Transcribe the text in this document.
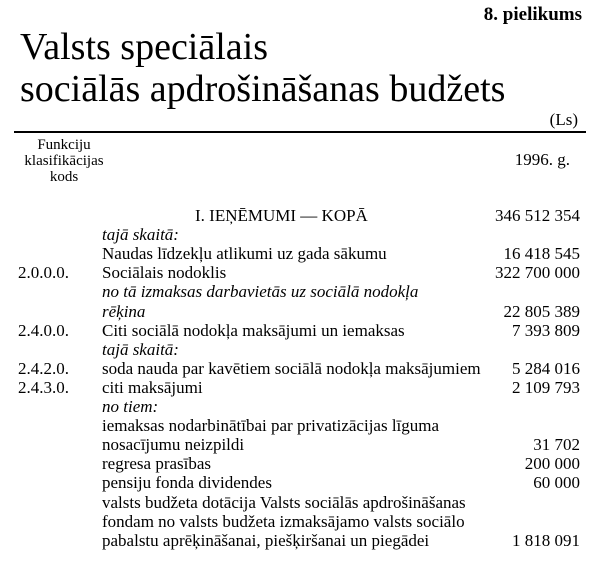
8. pielikums
Valsts speciālais
sociālās apdrošināšanas budžets
(Ls)
Funkciju
klasifikācijas
kods
1996. g.
I. IEŅĒMUMI — KOPĀ	346 512 354
tajā skaitā:
Naudas līdzekļu atlikumi uz gada sākumu	16 418 545
2.0.0.0. Sociālais nodoklis	322 700 000
no tā izmaksas darbavietās uz sociālā nodokļa
rēķina	22 805 389
2.4.0.0. Citi sociālā nodokļa maksājumi un iemaksas	7 393 809
tajā skaitā:
2.4.2.0. soda nauda par kavētiem sociālā nodokļa maksājumiem 5 284 016
2.4.3.0. citi maksājumi	2 109 793
no tiem:
iemaksas nodarbinātībai par privatizācijas līguma
nosacījumu neizpildi	31 702
regresa prasības	200 000
pensiju fonda dividendes	60 000
valsts budžeta dotācija Valsts sociālās apdrošināšanas
fondam no valsts budžeta izmaksājamo valsts sociālo
pabalstu aprēķināšanai, piešķiršanai un piegādei	1 818 091
